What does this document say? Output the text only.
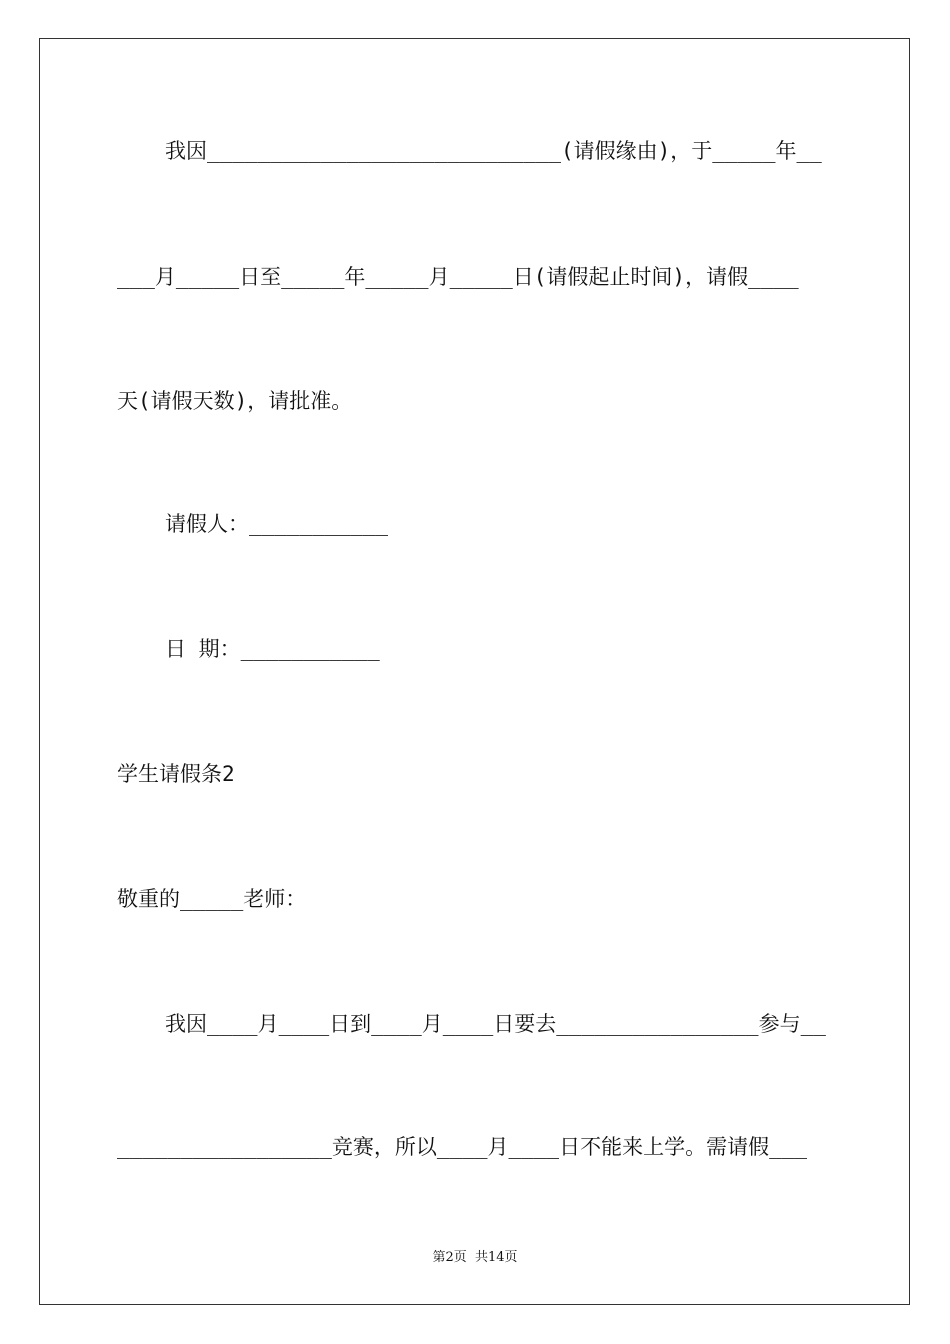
我因____________________________(请假缘由)，于_____年__
___月_____日至_____年_____月_____日(请假起止时间)，请假____
天(请假天数)，请批准。
请假人：___________
日 期：___________
学生请假条2
敬重的_____老师：
我因____月____日到____月____日要去________________参与__
_________________竞赛，所以____月____日不能来上学。需请假___
第2页  共14页
